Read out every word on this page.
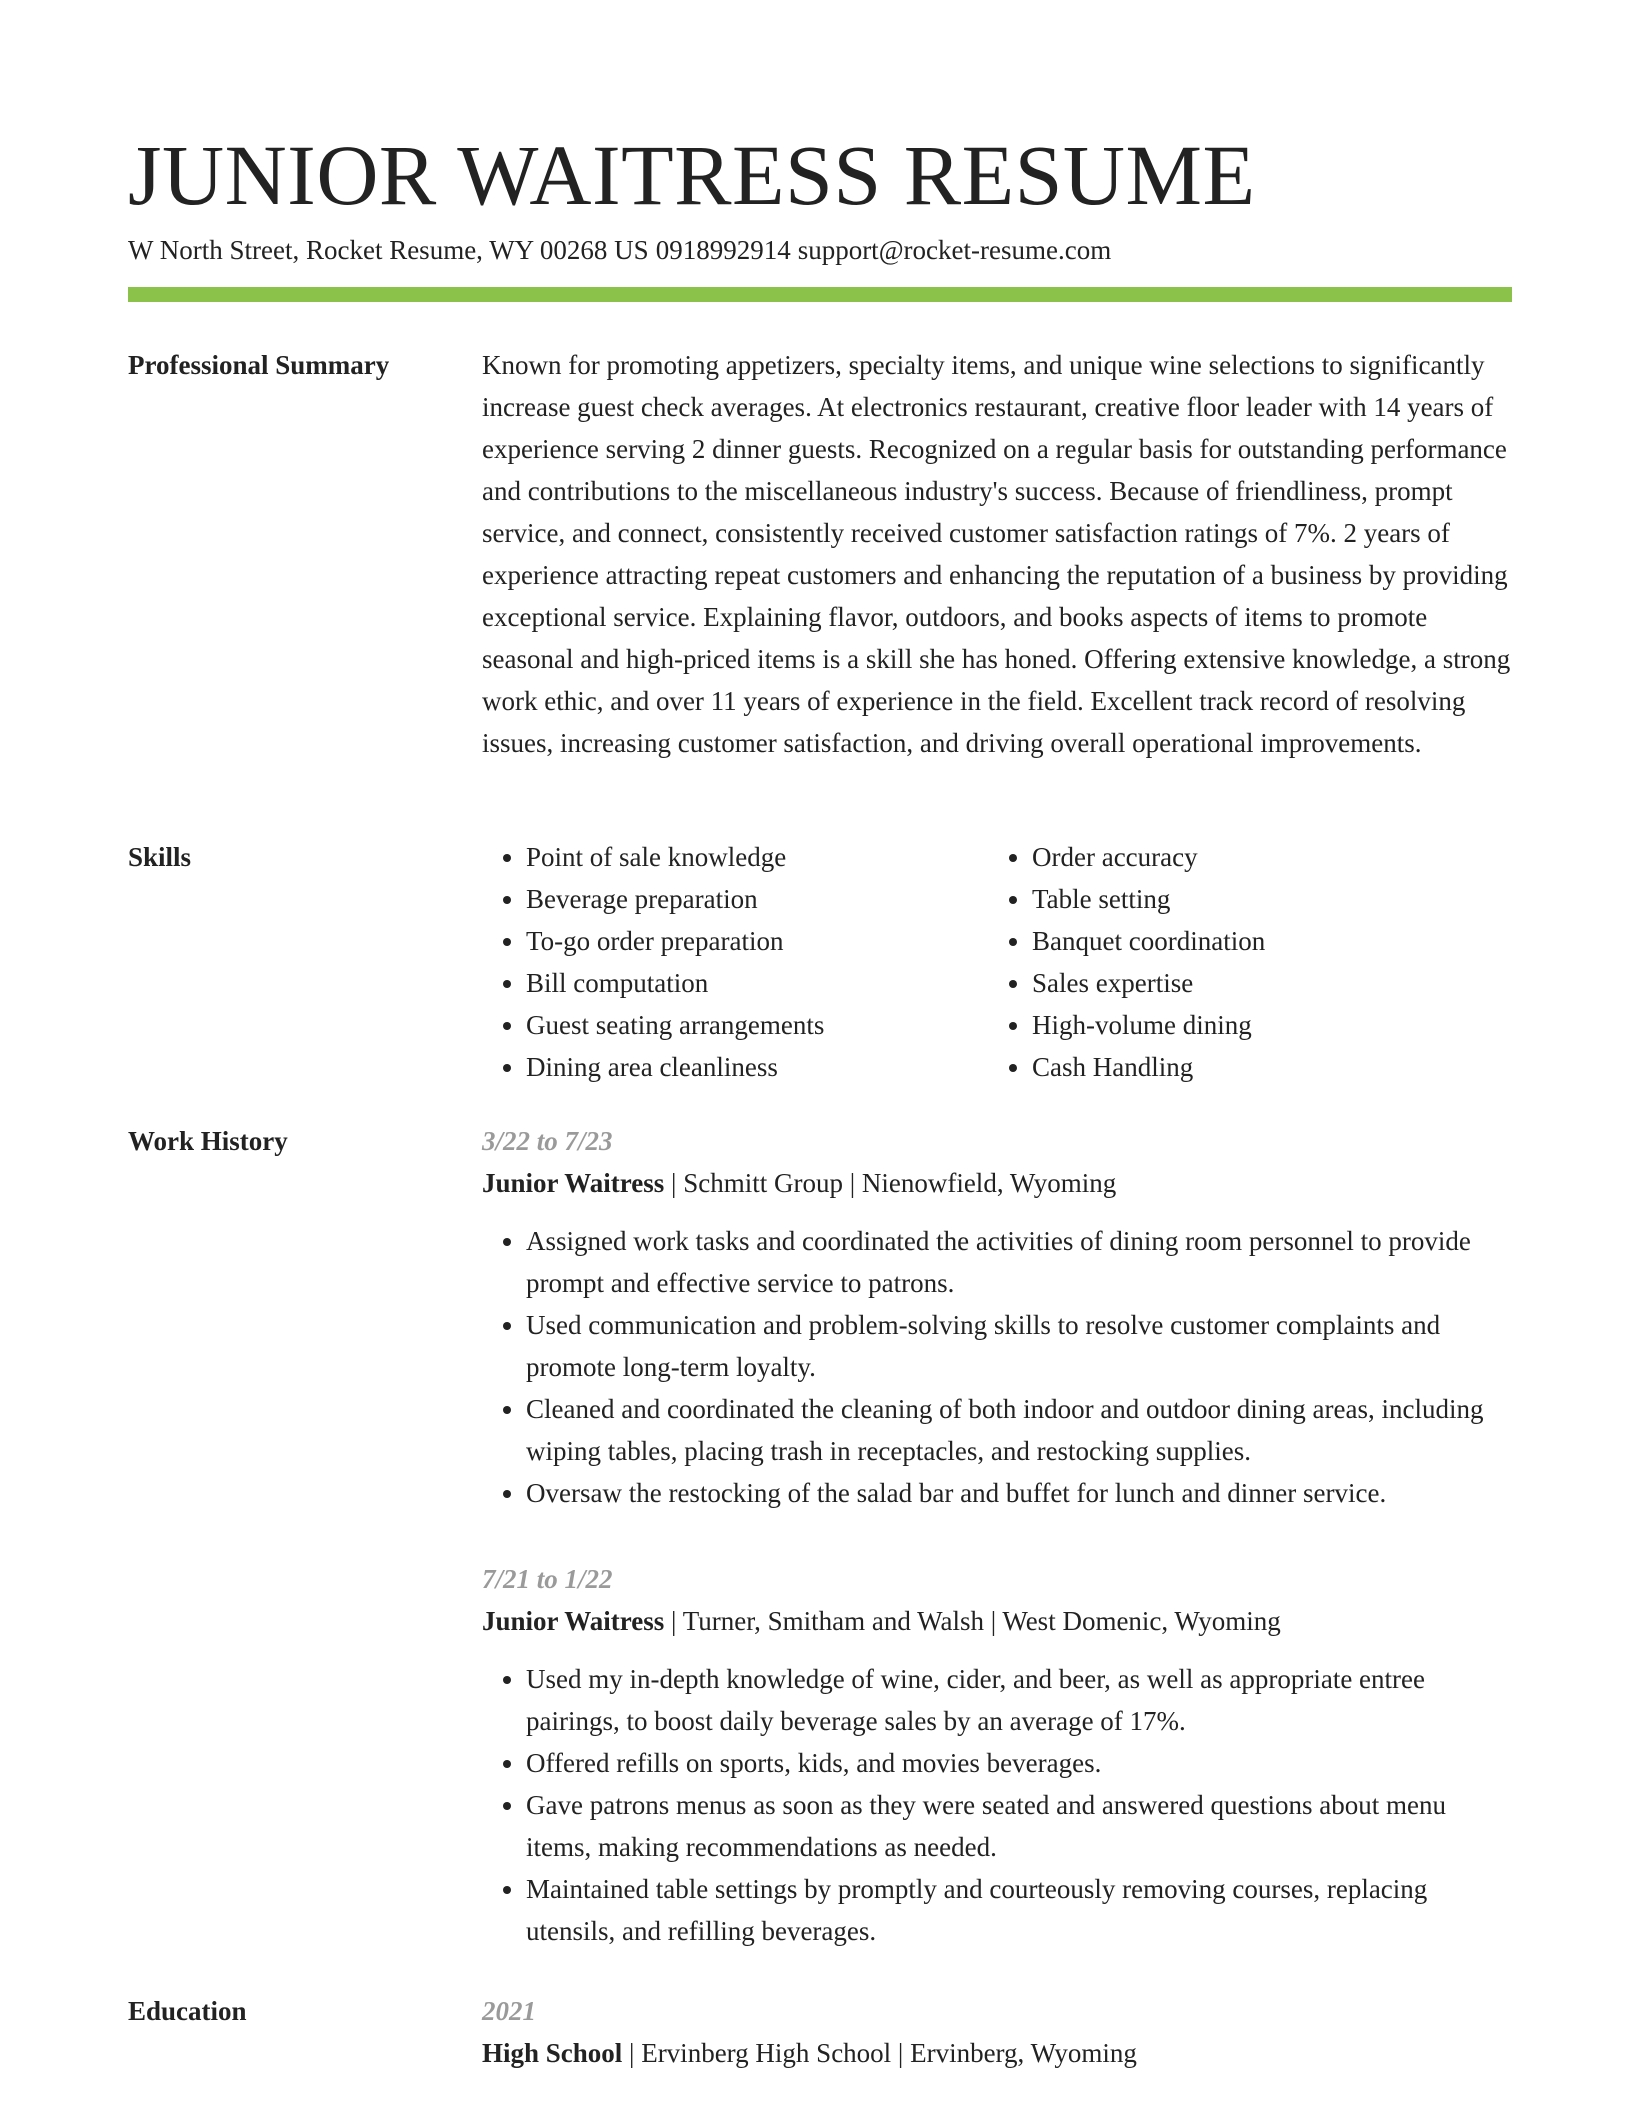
JUNIOR WAITRESS RESUME
W North Street, Rocket Resume, WY 00268 US 0918992914 support@rocket-resume.com
Professional Summary	Known for promoting appetizers, specialty items, and unique wine selections to significantly increase guest check averages. At electronics restaurant, creative floor leader with 14 years of experience serving 2 dinner guests. Recognized on a regular basis for outstanding performance and contributions to the miscellaneous industry's success. Because of friendliness, prompt service, and connect, consistently received customer satisfaction ratings of 7%. 2 years of experience attracting repeat customers and enhancing the reputation of a business by providing exceptional service. Explaining flavor, outdoors, and books aspects of items to promote seasonal and high-priced items is a skill she has honed. Offering extensive knowledge, a strong work ethic, and over 11 years of experience in the field. Excellent track record of resolving issues, increasing customer satisfaction, and driving overall operational improvements.

Skills
•	Point of sale knowledge
• Beverage preparation
• To-go order preparation
• Bill computation
• Guest seating arrangements
• Dining area cleanliness
• Order accuracy
• Table setting
• Banquet coordination
• Sales expertise
• High-volume dining
• Cash Handling
Work History	3/22 to 7/23
Junior Waitress | Schmitt Group | Nienowfield, Wyoming
• Assigned work tasks and coordinated the activities of dining room personnel to provide prompt and effective service to patrons.
• Used communication and problem-solving skills to resolve customer complaints and promote long-term loyalty.
• Cleaned and coordinated the cleaning of both indoor and outdoor dining areas, including wiping tables, placing trash in receptacles, and restocking supplies.
• Oversaw the restocking of the salad bar and buffet for lunch and dinner service.
7/21 to 1/22
Junior Waitress | Turner, Smitham and Walsh | West Domenic, Wyoming
• Used my in-depth knowledge of wine, cider, and beer, as well as appropriate entree pairings, to boost daily beverage sales by an average of 17%.
• Offered refills on sports, kids, and movies beverages.
• Gave patrons menus as soon as they were seated and answered questions about menu items, making recommendations as needed.
• Maintained table settings by promptly and courteously removing courses, replacing utensils, and refilling beverages.
Education	2021
High School | Ervinberg High School | Ervinberg, Wyoming
